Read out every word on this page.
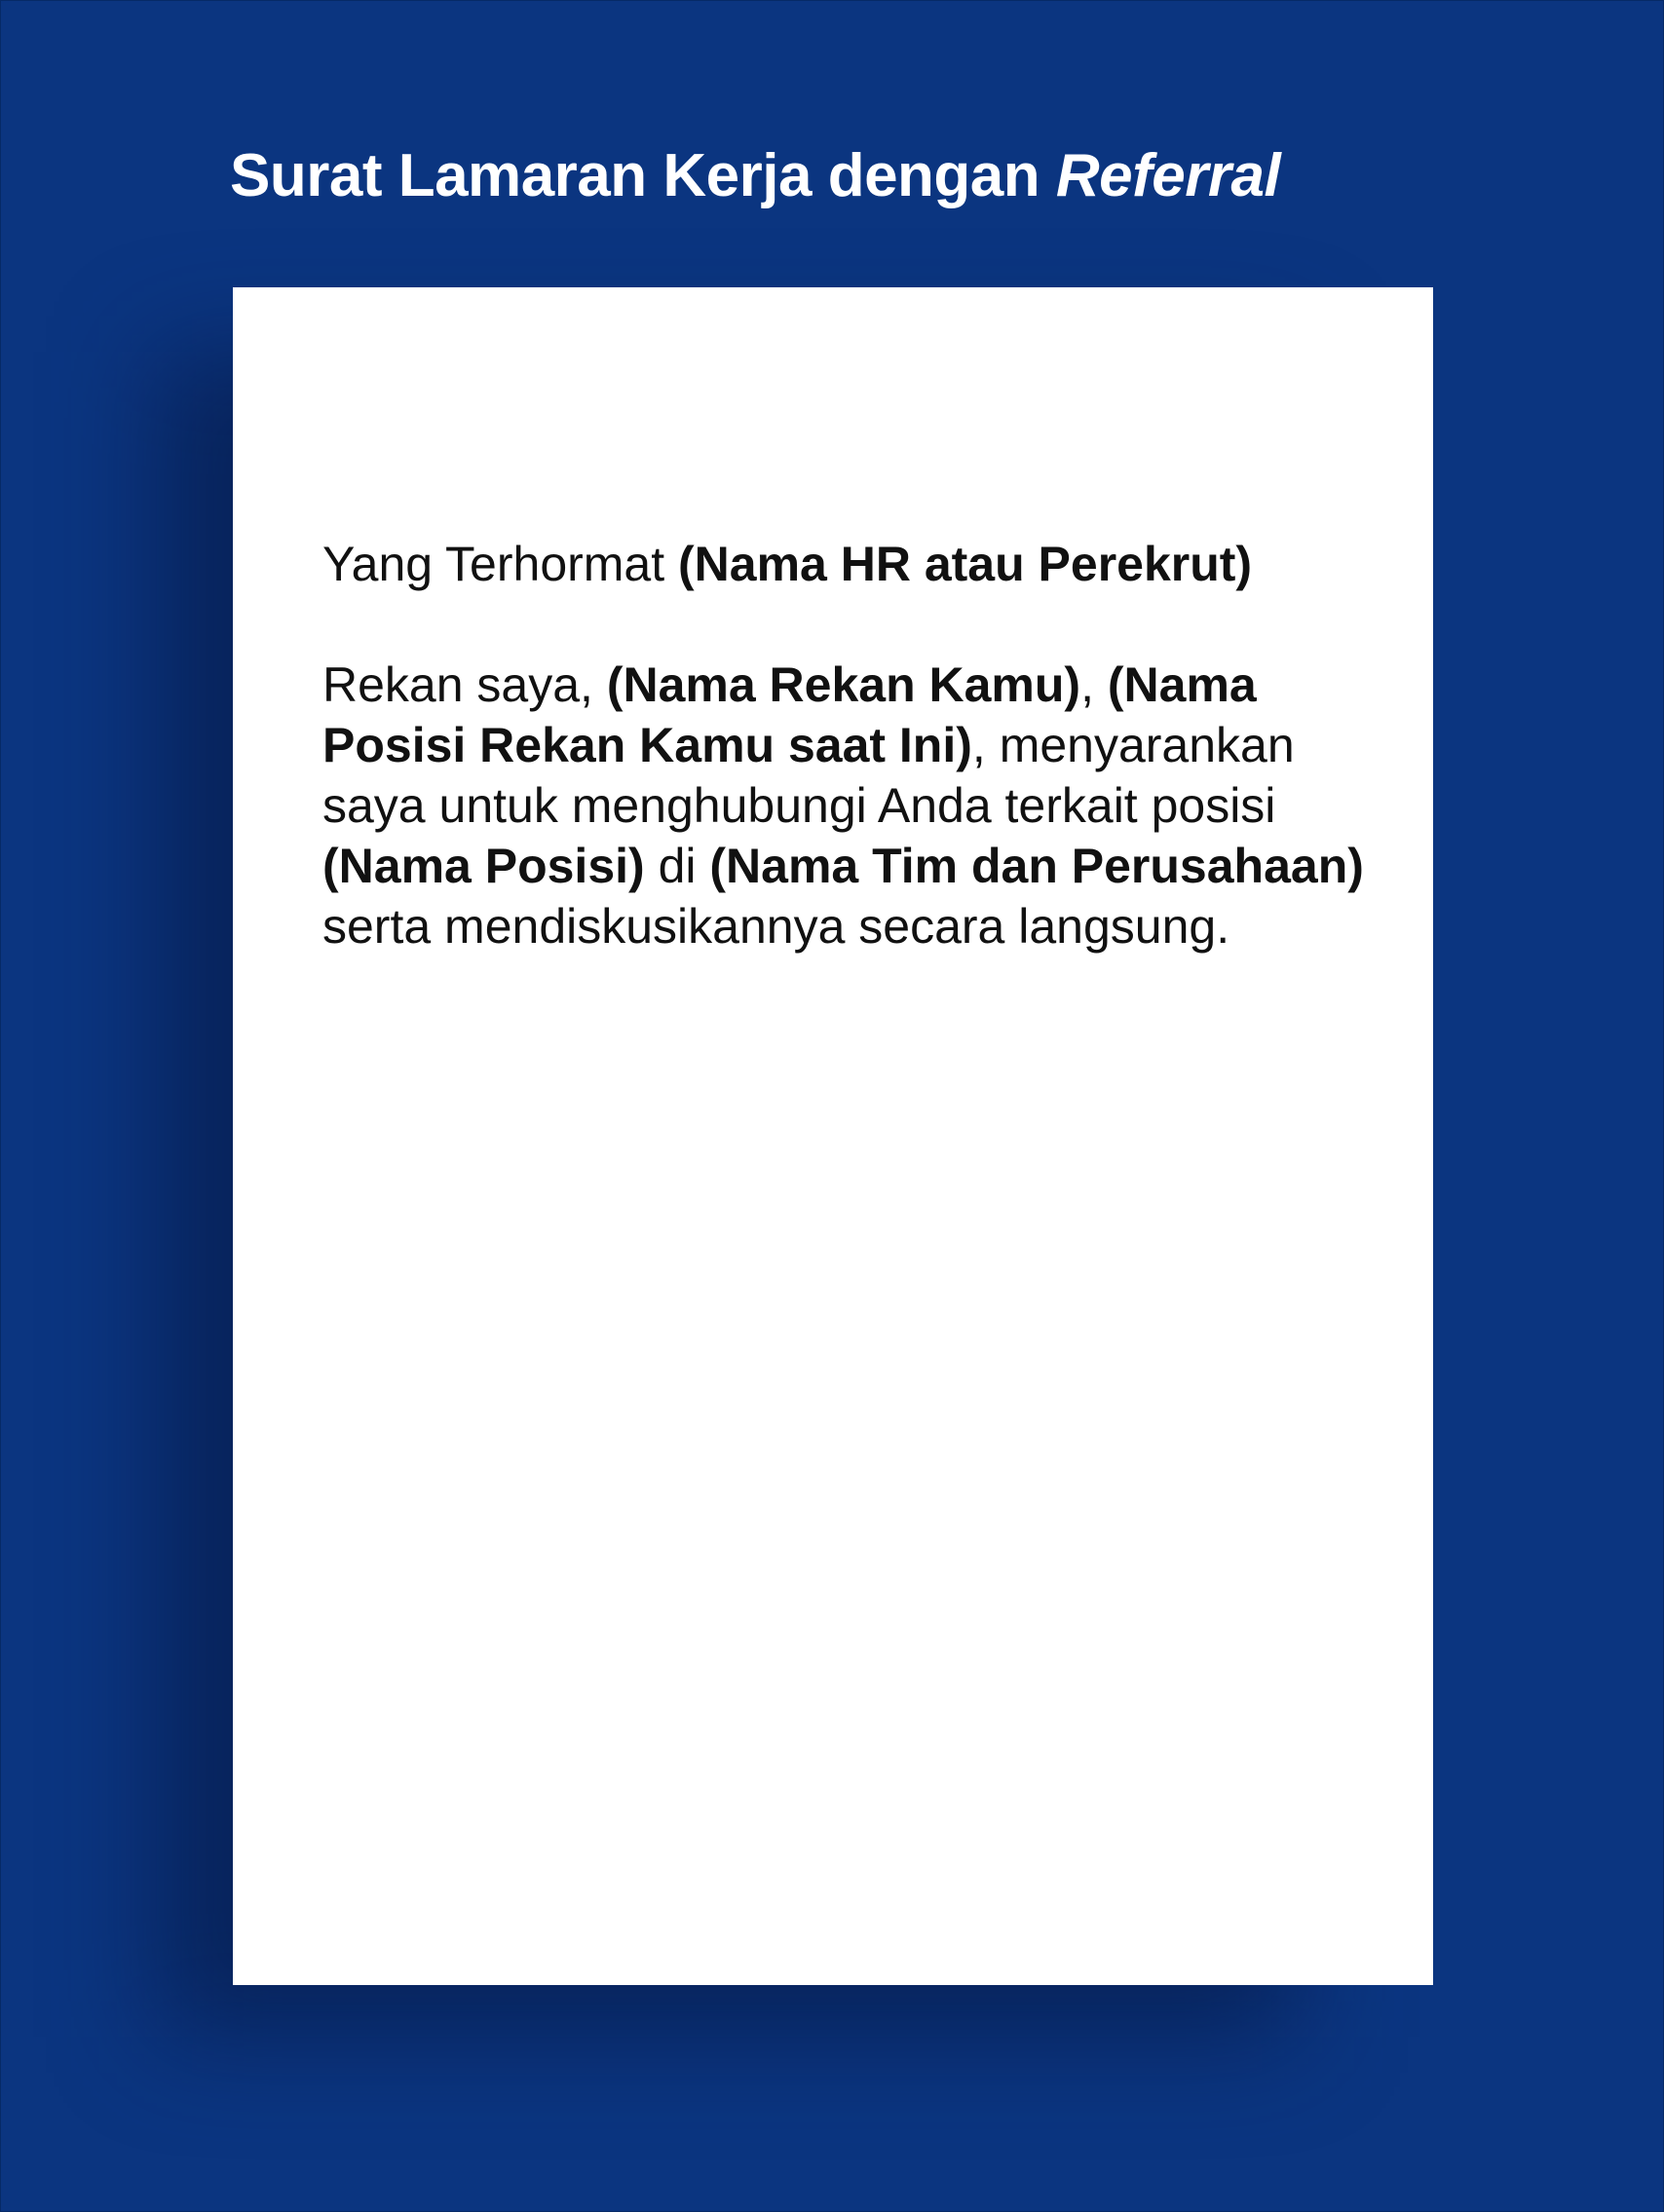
Surat Lamaran Kerja dengan Referral

Yang Terhormat (Nama HR atau Perekrut)

Rekan saya, (Nama Rekan Kamu), (Nama Posisi Rekan Kamu saat Ini), menyarankan saya untuk menghubungi Anda terkait posisi (Nama Posisi) di (Nama Tim dan Perusahaan) serta mendiskusikannya secara langsung.
